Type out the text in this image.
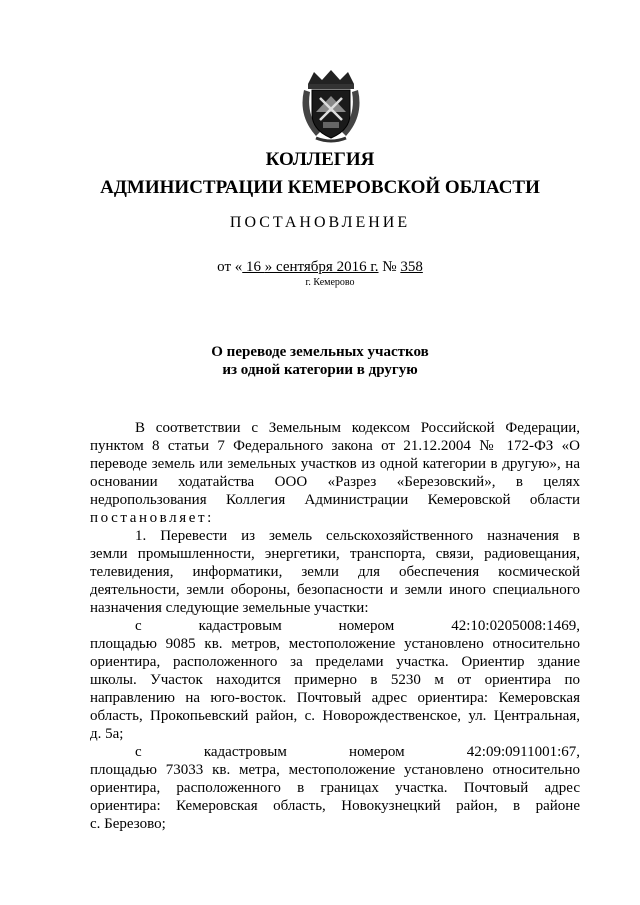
КОЛЛЕГИЯ
АДМИНИСТРАЦИИ КЕМЕРОВСКОЙ ОБЛАСТИ
ПОСТАНОВЛЕНИЕ
от « 16 » сентября 2016 г. № 358
г. Кемерово
О переводе земельных участков
из одной категории в другую
В соответствии с Земельным кодексом Российской Федерации,
пунктом 8 статьи 7 Федерального закона от 21.12.2004 № 172-ФЗ «О
переводе земель или земельных участков из одной категории в другую», на
основании ходатайства ООО «Разрез «Березовский», в целях
недропользования Коллегия Администрации Кемеровской области
постановляет:
1. Перевести из земель сельскохозяйственного назначения в
земли промышленности, энергетики, транспорта, связи, радиовещания,
телевидения, информатики, земли для обеспечения космической
деятельности, земли обороны, безопасности и земли иного специального
назначения следующие земельные участки:
с кадастровым номером 42:10:0205008:1469,
площадью 9085 кв. метров, местоположение установлено относительно
ориентира, расположенного за пределами участка. Ориентир здание
школы. Участок находится примерно в 5230 м от ориентира по
направлению на юго-восток. Почтовый адрес ориентира: Кемеровская
область, Прокопьевский район, с. Новорождественское, ул. Центральная,
д. 5а;
с кадастровым номером 42:09:0911001:67,
площадью 73033 кв. метра, местоположение установлено относительно
ориентира, расположенного в границах участка. Почтовый адрес
ориентира: Кемеровская область, Новокузнецкий район, в районе
с. Березово;
